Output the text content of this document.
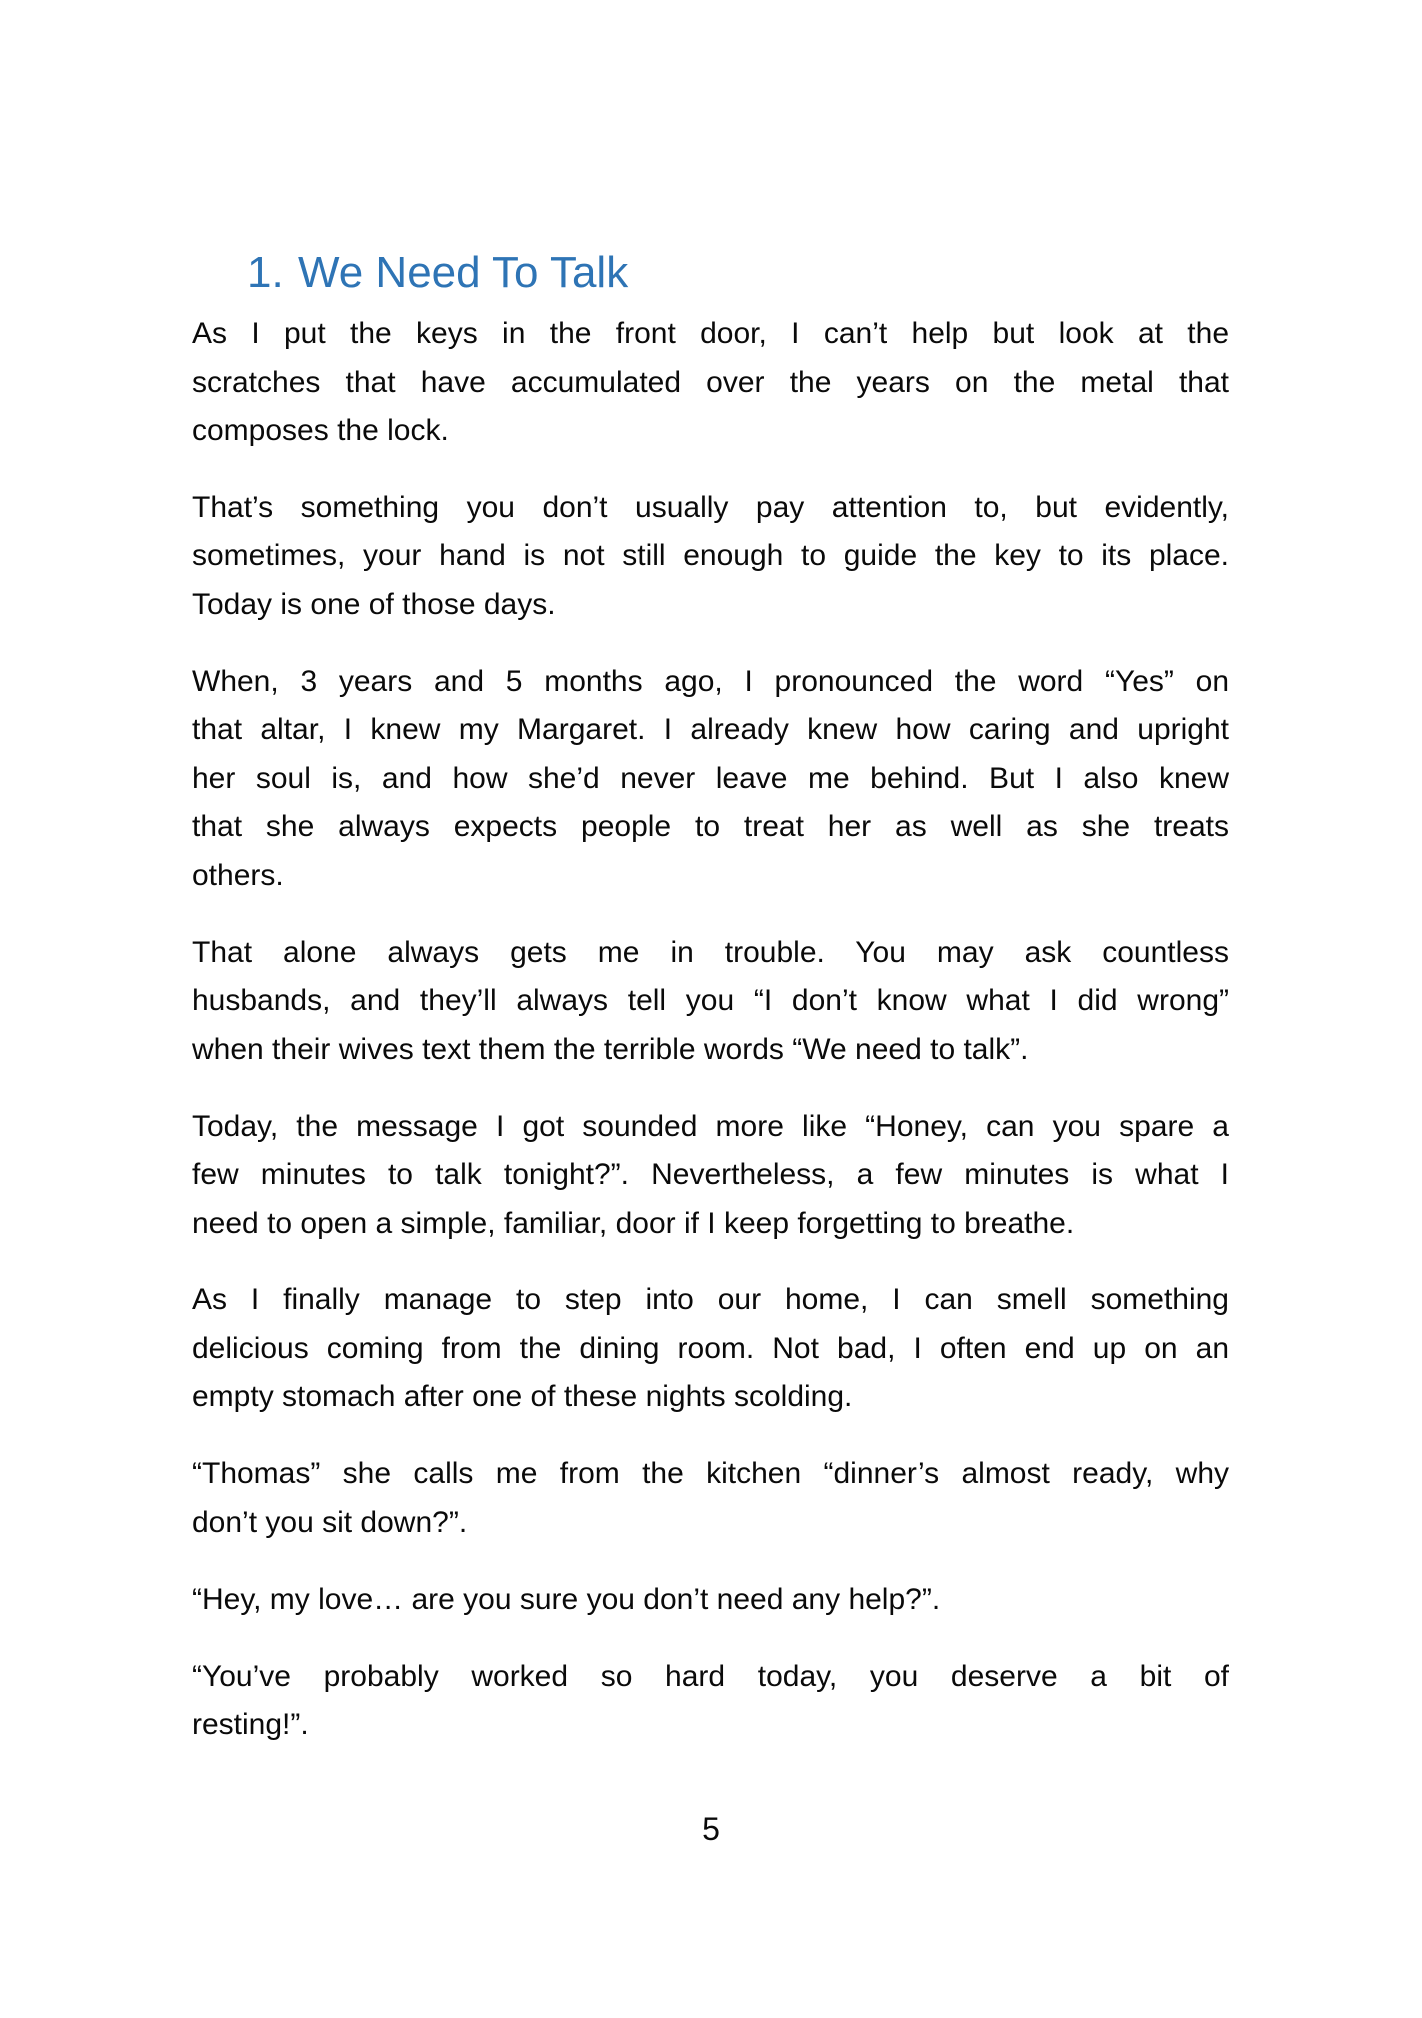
1. We Need To Talk

As I put the keys in the front door, I can’t help but look at the
scratches that have accumulated over the years on the metal that
composes the lock.

That’s something you don’t usually pay attention to, but evidently,
sometimes, your hand is not still enough to guide the key to its place.
Today is one of those days.

When, 3 years and 5 months ago, I pronounced the word “Yes” on
that altar, I knew my Margaret. I already knew how caring and upright
her soul is, and how she’d never leave me behind. But I also knew
that she always expects people to treat her as well as she treats
others.

That alone always gets me in trouble. You may ask countless
husbands, and they’ll always tell you “I don’t know what I did wrong”
when their wives text them the terrible words “We need to talk”.

Today, the message I got sounded more like “Honey, can you spare a
few minutes to talk tonight?”. Nevertheless, a few minutes is what I
need to open a simple, familiar, door if I keep forgetting to breathe.

As I finally manage to step into our home, I can smell something
delicious coming from the dining room. Not bad, I often end up on an
empty stomach after one of these nights scolding.

“Thomas” she calls me from the kitchen “dinner’s almost ready, why
don’t you sit down?”.

“Hey, my love… are you sure you don’t need any help?”.

“You’ve probably worked so hard today, you deserve a bit of
resting!”.

5
